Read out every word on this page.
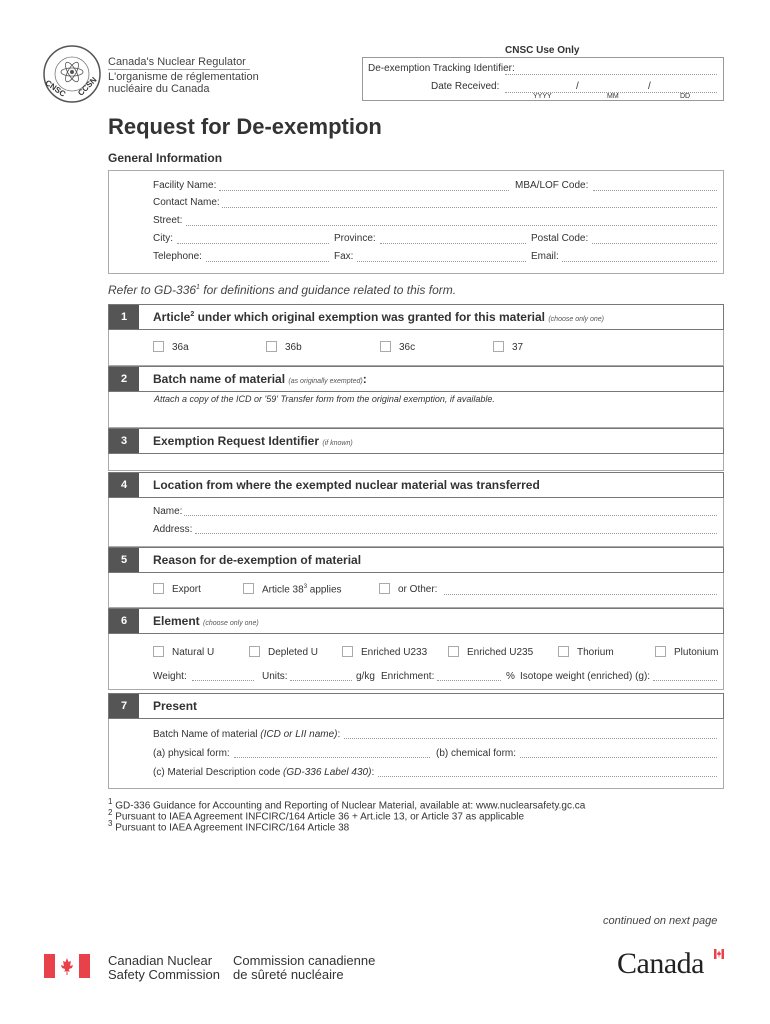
CNSC CCSN
Canada's Nuclear Regulator
L'organisme de réglementation
nucléaire du Canada
CNSC Use Only
De-exemption Tracking Identifier:
Date Received:	/	/
YYYY	MM	DD
Request for De-exemption
General Information
Facility Name:	MBA/LOF Code:
Contact Name:
Street:
City:	Province:	Postal Code:
Telephone:	Fax:	Email:
Refer to $GD-336^1$ for definitions and guidance related to this form.
1	Article$^2$ under which original exemption was granted for this material (choose only one)
36a	36b	36c	37
2	Batch name of material (as originally exempted):
Attach a copy of the ICD or '59' Transfer form from the original exemption, if available.
3	Exemption Request Identifier (if known)
4	Location from where the exempted nuclear material was transferred
Name:
Address:
5	Reason for de-exemption of material
Export	Article $38^3$ applies	or Other:
6	Element (choose only one)
Natural U	Depleted U	Enriched U233	Enriched U235	Thorium	Plutonium
Weight:	Units:	g/kg Enrichment:	% Isotope weight (enriched) (g):
7	Present
Batch Name of material (ICD or LII name):
(a) physical form:	(b) chemical form:
(c) Material Description code (GD-336 Label 430):
$^1$ GD-336 Guidance for Accounting and Reporting of Nuclear Material, available at: www.nuclearsafety.gc.ca
$^2$ Pursuant to IAEA Agreement INFCIRC/164 Article 36 + Art.icle 13, or Article 37 as applicable
$^3$ Pursuant to IAEA Agreement INFCIRC/164 Article 38
continued on next page
Canadian Nuclear
Safety Commission
Commission canadienne
de sûreté nucléaire	Canada
